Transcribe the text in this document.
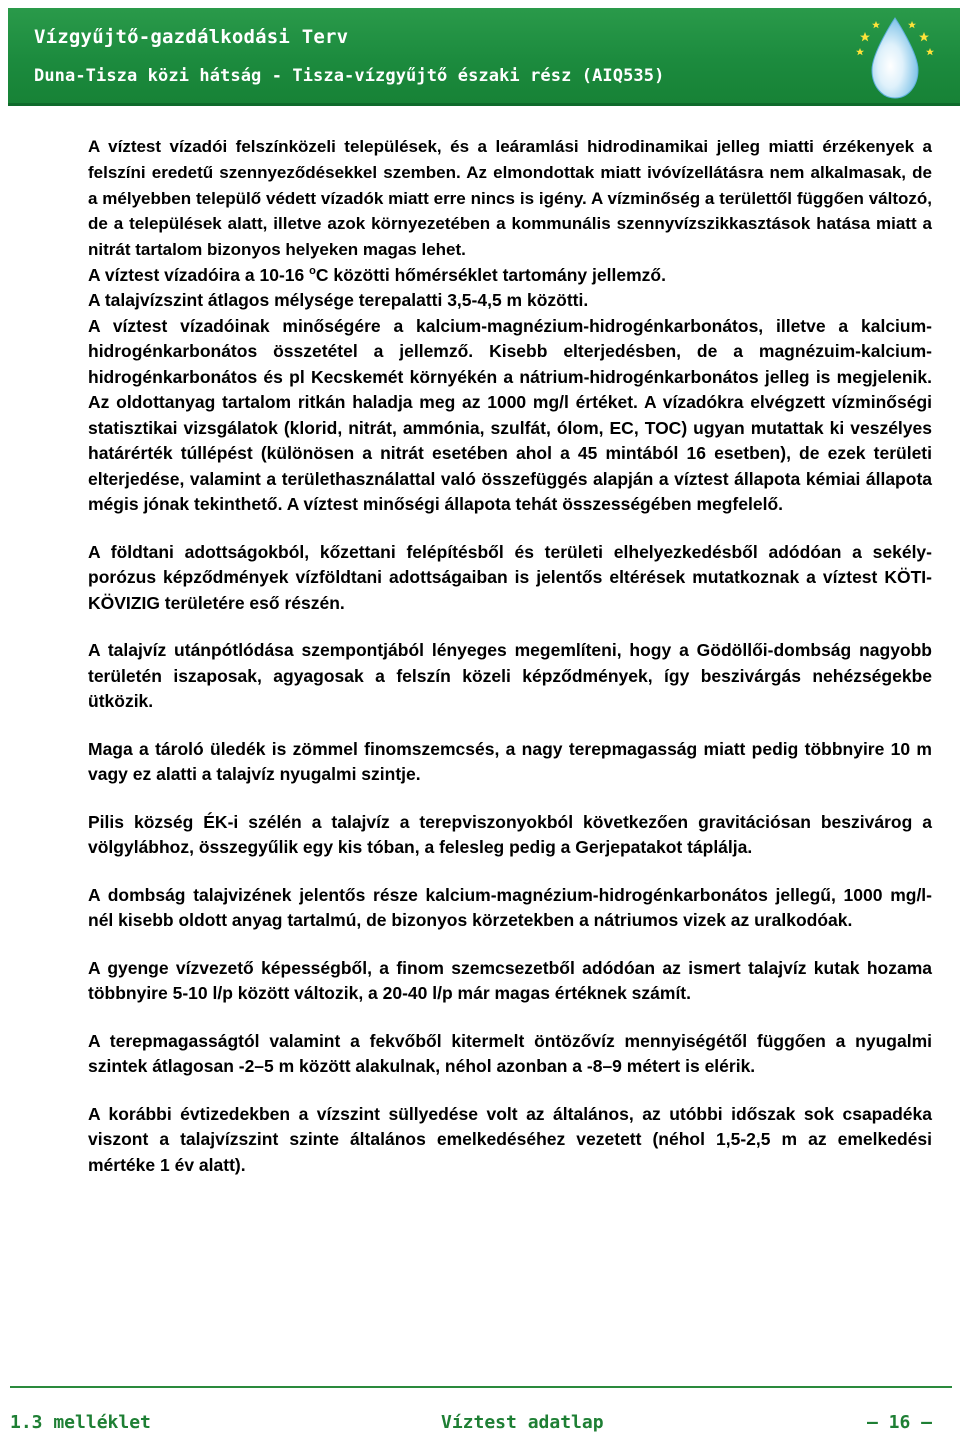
Vízgyűjtő-gazdálkodási Terv
Duna-Tisza közi hátság - Tisza-vízgyűjtő északi rész (AIQ535)

A víztest vízadói felszínközeli települések, és a leáramlási hidrodinamikai jelleg miatti érzékenyek a felszíni eredetű szennyeződésekkel szemben. Az elmondottak miatt ivóvízellátásra nem alkalmasak, de a mélyebben települő védett vízadók miatt erre nincs is igény. A vízminőség a területtől függően változó, de a települések alatt, illetve azok környezetében a kommunális szennyvízszikkasztások hatása miatt a nitrát tartalom bizonyos helyeken magas lehet.

A víztest vízadóira a 10-16 $^o$C közötti hőmérséklet tartomány jellemző.

A talajvízszint átlagos mélysége terepalatti 3,5-4,5 m közötti.

A víztest vízadóinak minőségére a kalcium-magnézium-hidrogénkarbonátos, illetve a kalcium-hidrogénkarbonátos összetétel a jellemző. Kisebb elterjedésben, de a magnézuim-kalcium-hidrogénkarbonátos és pl Kecskemét környékén a nátrium-hidrogénkarbonátos jelleg is megjelenik. Az oldottanyag tartalom ritkán haladja meg az 1000 mg/l értéket. A vízadókra elvégzett vízminőségi statisztikai vizsgálatok (klorid, nitrát, ammónia, szulfát, ólom, EC, TOC) ugyan mutattak ki veszélyes határérték túllépést (különösen a nitrát esetében ahol a 45 mintából 16 esetben), de ezek területi elterjedése, valamint a területhasználattal való összefüggés alapján a víztest állapota kémiai állapota mégis jónak tekinthető. A víztest minőségi állapota tehát összességében megfelelő.

A földtani adottságokból, kőzettani felépítésből és területi elhelyezkedésből adódóan a sekély-porózus képződmények vízföldtani adottságaiban is jelentős eltérések mutatkoznak a víztest KÖTI-KÖVIZIG területére eső részén.

A talajvíz utánpótlódása szempontjából lényeges megemlíteni, hogy a Gödöllői-dombság nagyobb területén iszaposak, agyagosak a felszín közeli képződmények, így beszivárgás nehézségekbe ütközik.

Maga a tároló üledék is zömmel finomszemcsés, a nagy terepmagasság miatt pedig többnyire 10 m vagy ez alatti a talajvíz nyugalmi szintje.

Pilis község ÉK-i szélén a talajvíz a terepviszonyokból következően gravitációsan beszivárog a völgylábhoz, összegyűlik egy kis tóban, a felesleg pedig a Gerjepatakot táplálja.

A dombság talajvizének jelentős része kalcium-magnézium-hidrogénkarbonátos jellegű, 1000 mg/l-nél kisebb oldott anyag tartalmú, de bizonyos körzetekben a nátriumos vizek az uralkodóak.

A gyenge vízvezető képességből, a finom szemcsezetből adódóan az ismert talajvíz kutak hozama többnyire 5-10 l/p között változik, a 20-40 l/p már magas értéknek számít.

A terepmagasságtól valamint a fekvőből kitermelt öntözővíz mennyiségétől függően a nyugalmi szintek átlagosan -2–5 m között alakulnak, néhol azonban a -8–9 métert is elérik.

A korábbi évtizedekben a vízszint süllyedése volt az általános, az utóbbi időszak sok csapadéka viszont a talajvízszint szinte általános emelkedéséhez vezetett (néhol 1,5-2,5 m az emelkedési mértéke 1 év alatt).

1.3 melléklet	Víztest adatlap	— 16 —
